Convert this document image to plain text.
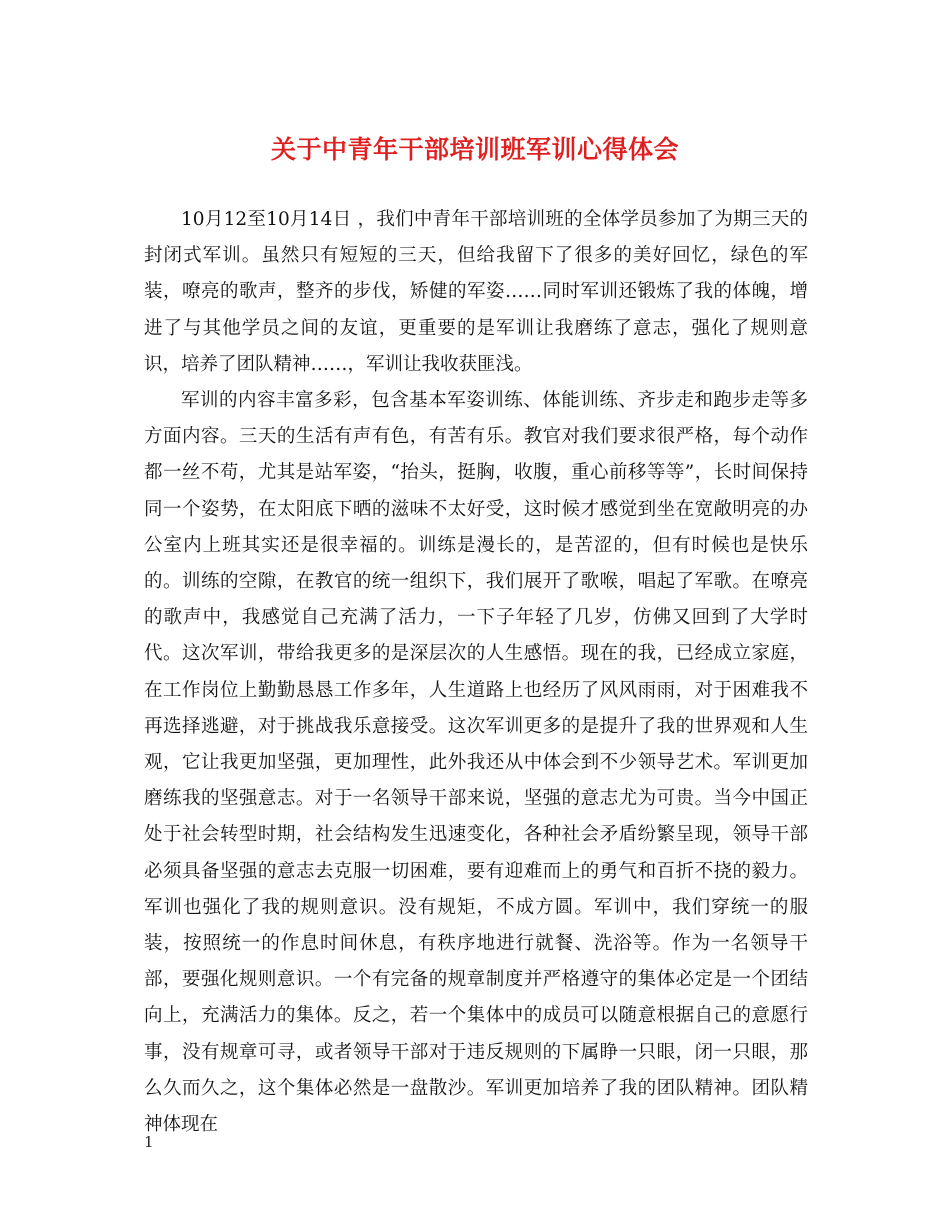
关于中青年干部培训班军训心得体会

10月12至10月14日 ，我们中青年干部培训班的全体学员参加了为期三天的封闭式军训。虽然只有短短的三天，但给我留下了很多的美好回忆，绿色的军装，嘹亮的歌声，整齐的步伐，矫健的军姿……同时军训还锻炼了我的体魄，增进了与其他学员之间的友谊，更重要的是军训让我磨练了意志，强化了规则意识，培养了团队精神……，军训让我收获匪浅。

军训的内容丰富多彩，包含基本军姿训练、体能训练、齐步走和跑步走等多方面内容。三天的生活有声有色，有苦有乐。教官对我们要求很严格，每个动作都一丝不苟，尤其是站军姿，“抬头，挺胸，收腹，重心前移等等”，长时间保持同一个姿势，在太阳底下晒的滋味不太好受，这时候才感觉到坐在宽敞明亮的办公室内上班其实还是很幸福的。训练是漫长的，是苦涩的，但有时候也是快乐的。训练的空隙，在教官的统一组织下，我们展开了歌喉，唱起了军歌。在嘹亮的歌声中，我感觉自己充满了活力，一下子年轻了几岁，仿佛又回到了大学时代。这次军训，带给我更多的是深层次的人生感悟。现在的我，已经成立家庭，在工作岗位上勤勤恳恳工作多年，人生道路上也经历了风风雨雨，对于困难我不再选择逃避，对于挑战我乐意接受。这次军训更多的是提升了我的世界观和人生观，它让我更加坚强，更加理性，此外我还从中体会到不少领导艺术。军训更加磨练我的坚强意志。对于一名领导干部来说，坚强的意志尤为可贵。当今中国正处于社会转型时期，社会结构发生迅速变化，各种社会矛盾纷繁呈现，领导干部必须具备坚强的意志去克服一切困难，要有迎难而上的勇气和百折不挠的毅力。军训也强化了我的规则意识。没有规矩，不成方圆。军训中，我们穿统一的服装，按照统一的作息时间休息，有秩序地进行就餐、洗浴等。作为一名领导干部，要强化规则意识。一个有完备的规章制度并严格遵守的集体必定是一个团结向上，充满活力的集体。反之，若一个集体中的成员可以随意根据自己的意愿行事，没有规章可寻，或者领导干部对于违反规则的下属睁一只眼，闭一只眼，那么久而久之，这个集体必然是一盘散沙。军训更加培养了我的团队精神。团队精神体现在

1
